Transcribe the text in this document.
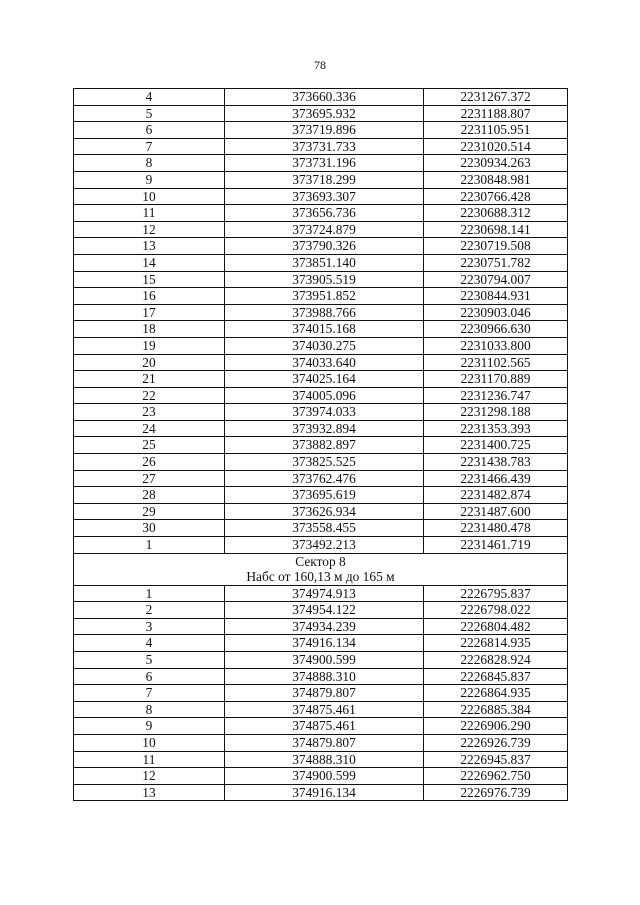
78
4	373660.336	2231267.372
5	373695.932	2231188.807
6	373719.896	2231105.951
7	373731.733	2231020.514
8	373731.196	2230934.263
9	373718.299	2230848.981
10	373693.307	2230766.428
11	373656.736	2230688.312
12	373724.879	2230698.141
13	373790.326	2230719.508
14	373851.140	2230751.782
15	373905.519	2230794.007
16	373951.852	2230844.931
17	373988.766	2230903.046
18	374015.168	2230966.630
19	374030.275	2231033.800
20	374033.640	2231102.565
21	374025.164	2231170.889
22	374005.096	2231236.747
23	373974.033	2231298.188
24	373932.894	2231353.393
25	373882.897	2231400.725
26	373825.525	2231438.783
27	373762.476	2231466.439
28	373695.619	2231482.874
29	373626.934	2231487.600
30	373558.455	2231480.478
1	373492.213	2231461.719
Сектор 8		
Набс от 160,13 м до 165 м		
1	374974.913	2226795.837
2	374954.122	2226798.022
3	374934.239	2226804.482
4	374916.134	2226814.935
5	374900.599	2226828.924
6	374888.310	2226845.837
7	374879.807	2226864.935
8	374875.461	2226885.384
9	374875.461	2226906.290
10	374879.807	2226926.739
11	374888.310	2226945.837
12	374900.599	2226962.750
13	374916.134	2226976.739
